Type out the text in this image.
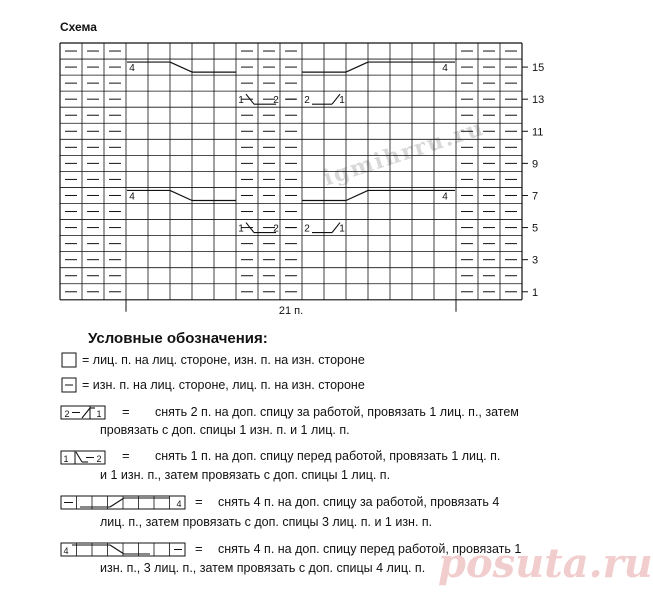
Схема
igmihrru.ru
4	4
4	4
1	2	2	1
1	2	2	1
1
3
5
7
9
11
13
15
21 п.
2	1
1	2
4
4
Условные обозначения:
= лиц. п. на лиц. стороне, изн. п. на изн. стороне
= изн. п. на лиц. стороне, лиц. п. на изн. стороне
= снять 2 п. на доп. спицу за работой, провязать 1 лиц. п., затем
провязать с доп. спицы 1 изн. п. и 1 лиц. п.
= снять 1 п. на доп. спицу перед работой, провязать 1 лиц. п.
и 1 изн. п., затем провязать с доп. спицы 1 лиц. п.
= снять 4 п. на доп. спицу за работой, провязать 4
лиц. п., затем провязать с доп. спицы 3 лиц. п. и 1 изн. п.
= снять 4 п. на доп. спицу перед работой, провязать 1
изн. п., 3 лиц. п., затем провязать с доп. спицы 4 лиц. п. posuta.ru
